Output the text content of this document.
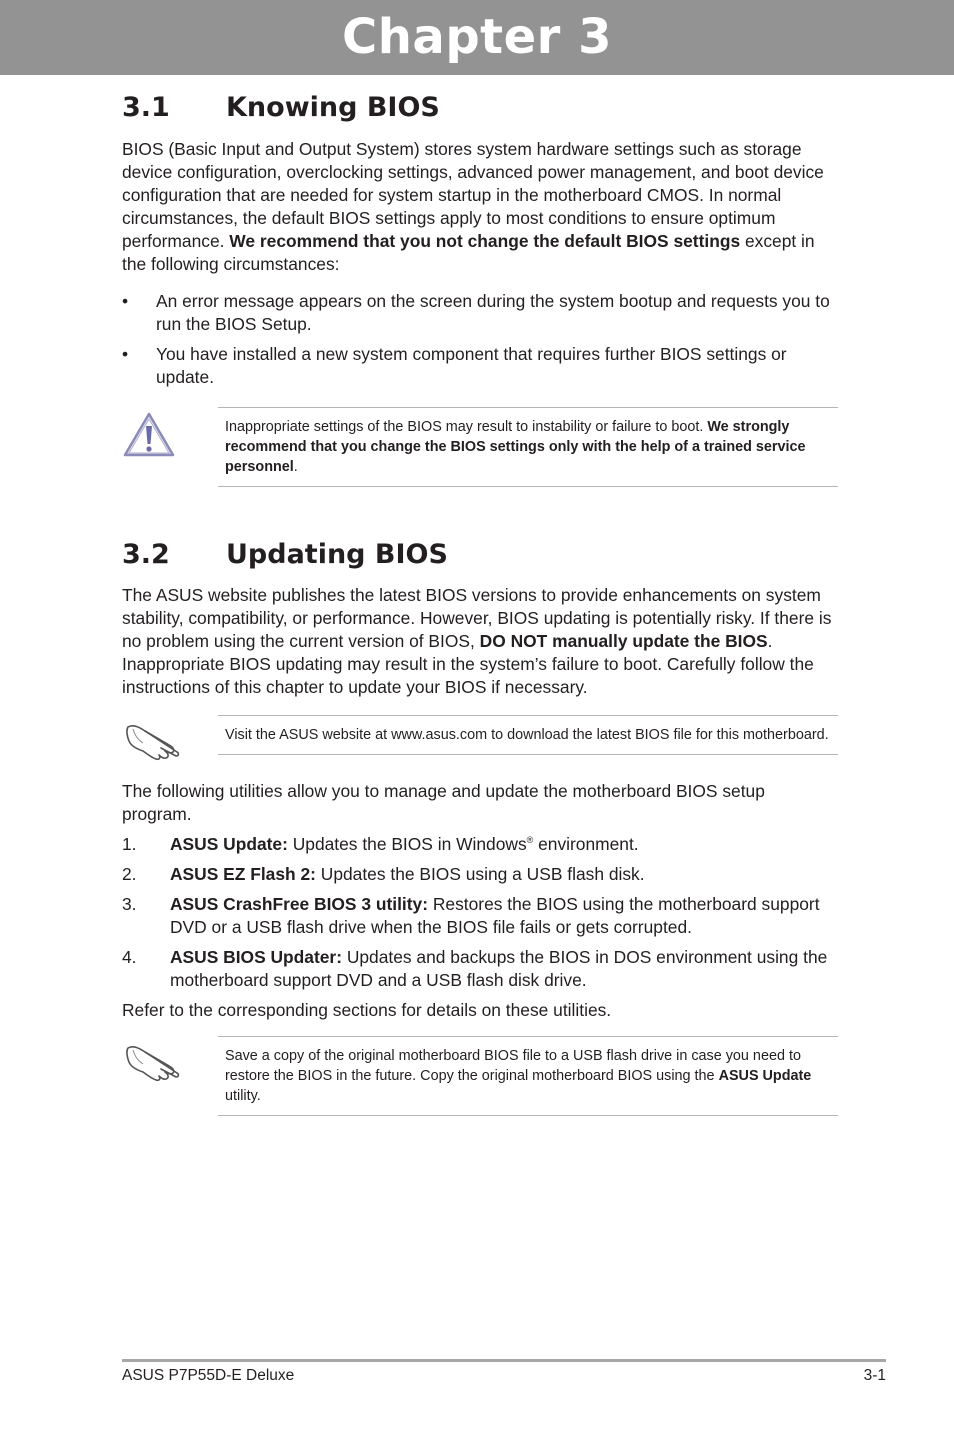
Chapter 3
3.1 Knowing BIOS

BIOS (Basic Input and Output System) stores system hardware settings such as storage device configuration, overclocking settings, advanced power management, and boot device configuration that are needed for system startup in the motherboard CMOS. In normal circumstances, the default BIOS settings apply to most conditions to ensure optimum performance. We recommend that you not change the default BIOS settings except in the following circumstances:

• An error message appears on the screen during the system bootup and requests you to run the BIOS Setup.
• You have installed a new system component that requires further BIOS settings or update.

Inappropriate settings of the BIOS may result to instability or failure to boot. We strongly recommend that you change the BIOS settings only with the help of a trained service personnel.

3.2 Updating BIOS

The ASUS website publishes the latest BIOS versions to provide enhancements on system stability, compatibility, or performance. However, BIOS updating is potentially risky. If there is no problem using the current version of BIOS, DO NOT manually update the BIOS. Inappropriate BIOS updating may result in the system’s failure to boot. Carefully follow the instructions of this chapter to update your BIOS if necessary.

Visit the ASUS website at www.asus.com to download the latest BIOS file for this motherboard.

The following utilities allow you to manage and update the motherboard BIOS setup program.

1. ASUS Update: Updates the BIOS in Windows® environment.
2. ASUS EZ Flash 2: Updates the BIOS using a USB flash disk.
3. ASUS CrashFree BIOS 3 utility: Restores the BIOS using the motherboard support DVD or a USB flash drive when the BIOS file fails or gets corrupted.
4. ASUS BIOS Updater: Updates and backups the BIOS in DOS environment using the motherboard support DVD and a USB flash disk drive.

Refer to the corresponding sections for details on these utilities.

Save a copy of the original motherboard BIOS file to a USB flash drive in case you need to restore the BIOS in the future. Copy the original motherboard BIOS using the ASUS Update utility.

ASUS P7P55D-E Deluxe	3-1
